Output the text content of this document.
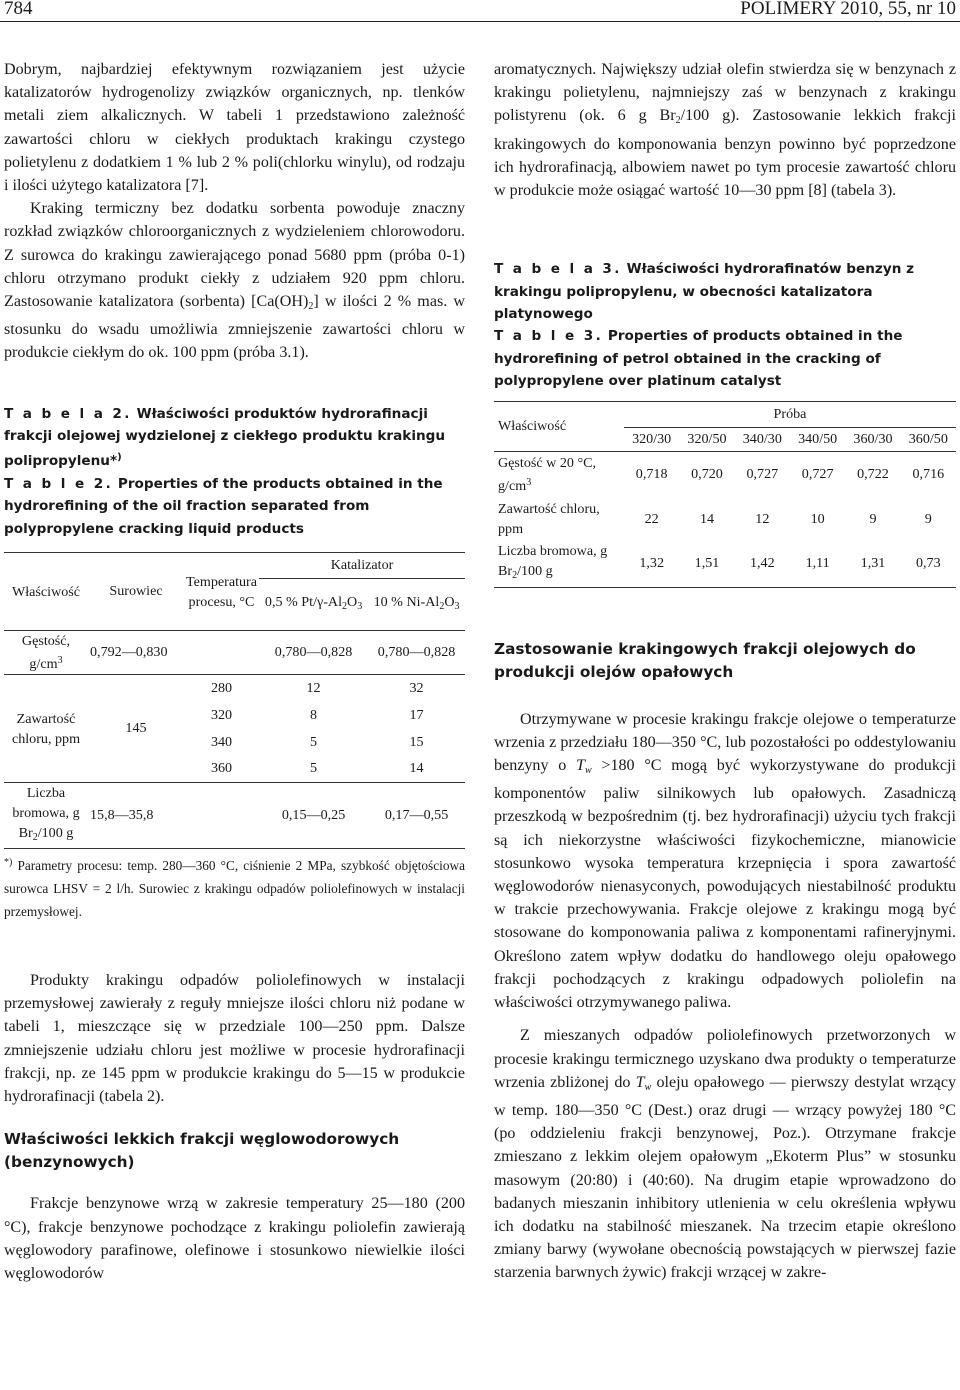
784	POLIMERY 2010, 55, nr 10

Dobrym, najbardziej efektywnym rozwiązaniem jest użycie katalizatorów hydrogenolizy związków organicznych, np. tlenków metali ziem alkalicznych. W tabeli 1 przedstawiono zależność zawartości chloru w ciekłych produktach krakingu czystego polietylenu z dodatkiem 1 % lub 2 % poli(chlorku winylu), od rodzaju i ilości użytego katalizatora [7].

Kraking termiczny bez dodatku sorbenta powoduje znaczny rozkład związków chloroorganicznych z wydzieleniem chlorowodoru. Z surowca do krakingu zawierającego ponad 5680 ppm (próba 0-1) chloru otrzymano produkt ciekły z udziałem 920 ppm chloru. Zastosowanie katalizatora (sorbenta) $[Ca(OH)_2]$ w ilości 2 % mas. w stosunku do wsadu umożliwia zmniejszenie zawartości chloru w produkcie ciekłym do ok. 100 ppm (próba 3.1).

T a b e l a 2. Właściwości produktów hydrorafinacji frakcji olejowej wydzielonej z ciekłego produktu krakingu polipropylenu*)
T a b l e 2. Properties of the products obtained in the hydrorefining of the oil fraction separated from polypropylene cracking liquid products
Właściwość	Surowiec	Temperatura procesu, °C	Katalizator	
			0,5 % $Pt/\gamma-Al_2O_3$	10 % $Ni-Al_2O_3$
Gęstość, $g/cm^3$	0,792—0,830		0,780—0,828	0,780—0,828
Zawartość chloru, ppm	145	280	12	32
		320	8	17
		340	5	15
		360	5	14
Liczba bromowa, g $Br_2/100$ g	15,8—35,8		0,15—0,25	0,17—0,55

*) Parametry procesu: temp. 280—360 °C, ciśnienie 2 MPa, szybkość objętościowa surowca LHSV = 2 l/h. Surowiec z krakingu odpadów poliolefinowych w instalacji przemysłowej.

Produkty krakingu odpadów poliolefinowych w instalacji przemysłowej zawierały z reguły mniejsze ilości chloru niż podane w tabeli 1, mieszczące się w przedziale 100—250 ppm. Dalsze zmniejszenie udziału chloru jest możliwe w procesie hydrorafinacji frakcji, np. ze 145 ppm w produkcie krakingu do 5—15 w produkcie hydrorafinacji (tabela 2).

Właściwości lekkich frakcji węglowodorowych (benzynowych)

Frakcje benzynowe wrzą w zakresie temperatury 25—180 (200 °C), frakcje benzynowe pochodzące z krakingu poliolefin zawierają węglowodory parafinowe, olefinowe i stosunkowo niewielkie ilości węglowodorów

aromatycznych. Największy udział olefin stwierdza się w benzynach z krakingu polietylenu, najmniejszy zaś w benzynach z krakingu polistyrenu (ok. 6 g $Br_2/100$ g). Zastosowanie lekkich frakcji krakingowych do komponowania benzyn powinno być poprzedzone ich hydrorafinacją, albowiem nawet po tym procesie zawartość chloru w produkcie może osiągać wartość 10—30 ppm [8] (tabela 3).

T a b e l a 3. Właściwości hydrorafinatów benzyn z krakingu polipropylenu, w obecności katalizatora platynowego
T a b l e 3. Properties of products obtained in the hydrorefining of petrol obtained in the cracking of polypropylene over platinum catalyst
Właściwość	Próba					
	320/30	320/50	340/30	340/50	360/30	360/50
Gęstość w 20 °C, $g/cm^3$	0,718	0,720	0,727	0,727	0,722	0,716
Zawartość chloru, ppm	22	14	12	10	9	9
Liczba bromowa, g $Br_2/100$ g	1,32	1,51	1,42	1,11	1,31	0,73
Zastosowanie krakingowych frakcji olejowych do produkcji olejów opałowych

Otrzymywane w procesie krakingu frakcje olejowe o temperaturze wrzenia z przedziału 180—350 °C, lub pozostałości po oddestylowaniu benzyny o $T_w >180$ °C mogą być wykorzystywane do produkcji komponentów paliw silnikowych lub opałowych. Zasadniczą przeszkodą w bezpośrednim (tj. bez hydrorafinacji) użyciu tych frakcji są ich niekorzystne właściwości fizykochemiczne, mianowicie stosunkowo wysoka temperatura krzepnięcia i spora zawartość węglowodorów nienasyconych, powodujących niestabilność produktu w trakcie przechowywania. Frakcje olejowe z krakingu mogą być stosowane do komponowania paliwa z komponentami rafineryjnymi. Określono zatem wpływ dodatku do handlowego oleju opałowego frakcji pochodzących z krakingu odpadowych poliolefin na właściwości otrzymywanego paliwa.

Z mieszanych odpadów poliolefinowych przetworzonych w procesie krakingu termicznego uzyskano dwa produkty o temperaturze wrzenia zbliżonej do $T_w$ oleju opałowego — pierwszy destylat wrzący w temp. 180—350 °C (Dest.) oraz drugi — wrzący powyżej 180 °C (po oddzieleniu frakcji benzynowej, Poz.). Otrzymane frakcje zmieszano z lekkim olejem opałowym „Ekoterm Plus” w stosunku masowym (20:80) i (40:60). Na drugim etapie wprowadzono do badanych mieszanin inhibitory utlenienia w celu określenia wpływu ich dodatku na stabilność mieszanek. Na trzecim etapie określono zmiany barwy (wywołane obecnością powstających w pierwszej fazie starzenia barwnych żywic) frakcji wrzącej w zakre-
